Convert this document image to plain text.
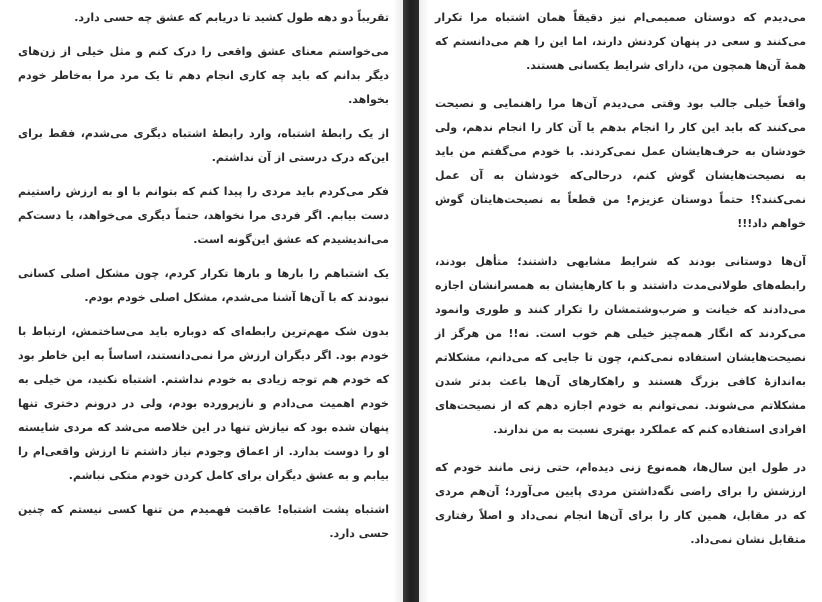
تقریباً دو دهه طول کشید تا دریابم که عشق چه حسی دارد.

می‌خواستم معنای عشق واقعی را درک کنم و مثل خیلی از زن‌های دیگر بدانم که باید چه کاری انجام دهم تا یک مرد مرا به‌خاطر خودم بخواهد.

از یک رابطهٔ اشتباه، وارد رابطهٔ اشتباه دیگری می‌شدم، فقط برای این‌که درک درستی از آن نداشتم.

فکر می‌کردم باید مردی را پیدا کنم که بتوانم با او به ارزش راستینم دست بیابم. اگر فردی مرا نخواهد، حتماً دیگری می‌خواهد، یا دست‌کم می‌اندیشیدم که عشق این‌گونه است.

یک اشتباهم را بارها و بارها تکرار کردم، چون مشکل اصلی کسانی نبودند که با آن‌ها آشنا می‌شدم، مشکل اصلی خودم بودم.

بدون شک مهم‌ترین رابطه‌ای که دوباره باید می‌ساختمش، ارتباط با خودم بود. اگر دیگران ارزش مرا نمی‌دانستند، اساساً به این خاطر بود که خودم هم توجه زیادی به خودم نداشتم. اشتباه نکنید، من خیلی به خودم اهمیت می‌دادم و نازپرورده بودم، ولی در درونم دختری تنها پنهان شده بود که نیازش تنها در این خلاصه می‌شد که مردی شایسته او را دوست بدارد. از اعماق وجودم نیاز داشتم تا ارزش واقعی‌ام را بیابم و به عشق دیگران برای کامل کردن خودم متکی نباشم.

اشتباه پشت اشتباه! عاقبت فهمیدم من تنها کسی نیستم که چنین حسی دارد.

می‌دیدم که دوستان صمیمی‌ام نیز دقیقاً همان اشتباه مرا تکرار می‌کنند و سعی در پنهان کردنش دارند، اما این را هم می‌دانستم که همهٔ آن‌ها همچون من، دارای شرایط یکسانی هستند.

واقعاً خیلی جالب بود وقتی می‌دیدم آن‌ها مرا راهنمایی و نصیحت می‌کنند که باید این کار را انجام بدهم یا آن کار را انجام ندهم، ولی خودشان به حرف‌هایشان عمل نمی‌کردند. با خودم می‌گفتم من باید به نصیحت‌هایشان گوش کنم، درحالی‌که خودشان به آن عمل نمی‌کنند؟! حتماً دوستان عزیزم! من قطعاً به نصیحت‌هایتان گوش خواهم داد!!!

آن‌ها دوستانی بودند که شرایط مشابهی داشتند؛ متأهل بودند، رابطه‌های طولانی‌مدت داشتند و با کارهایشان به همسرانشان اجازه می‌دادند که خیانت و ضرب‌وشتمشان را تکرار کنند و طوری وانمود می‌کردند که انگار همه‌چیز خیلی هم خوب است. نه!! من هرگز از نصیحت‌هایشان استفاده نمی‌کنم، چون تا جایی که می‌دانم، مشکلاتم به‌اندازهٔ کافی بزرگ هستند و راهکارهای آن‌ها باعث بدتر شدن مشکلاتم می‌شوند. نمی‌توانم به خودم اجازه دهم که از نصیحت‌های افرادی استفاده کنم که عملکرد بهتری نسبت به من ندارند.

در طول این سال‌ها، همه‌نوع زنی دیده‌ام، حتی زنی مانند خودم که ارزشش را برای راضی نگه‌داشتن مردی پایین می‌آورد؛ آن‌هم مردی که در مقابل، همین کار را برای آن‌ها انجام نمی‌داد و اصلاً رفتاری متقابل نشان نمی‌داد.
